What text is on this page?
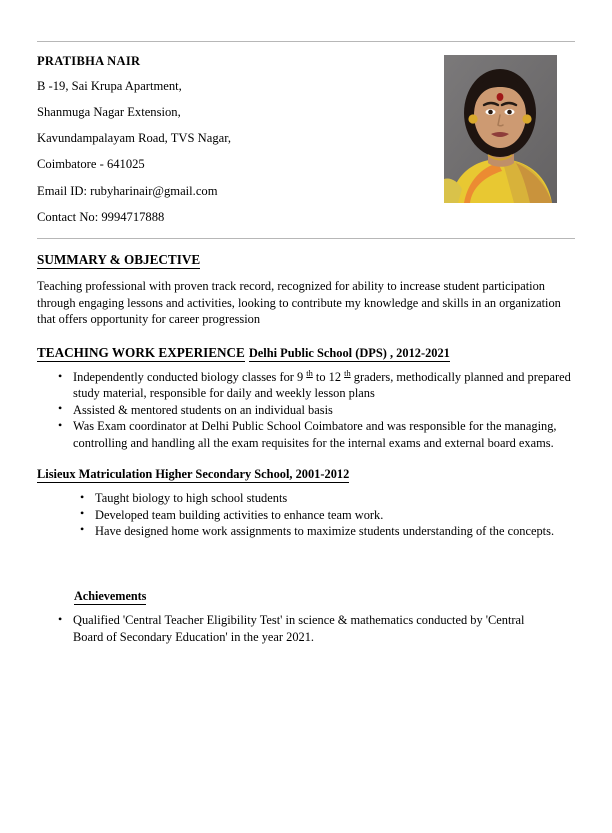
PRATIBHA NAIR
B -19, Sai Krupa Apartment,
Shanmuga Nagar Extension,
Kavundampalayam Road, TVS Nagar,
Coimbatore - 641025
Email ID: rubyharinair@gmail.com
Contact No: 9994717888
SUMMARY & OBJECTIVE

Teaching professional with proven track record, recognized for ability to increase student participation through engaging lessons and activities, looking to contribute my knowledge and skills in an organization that offers opportunity for career progression

TEACHING WORK EXPERIENCE Delhi Public School (DPS) , 2012-2021
• Independently conducted biology classes for 9 $^{th}$ to 12 $^{th}$ graders, methodically planned and prepared study material, responsible for daily and weekly lesson plans
• Assisted & mentored students on an individual basis
• Was Exam coordinator at Delhi Public School Coimbatore and was responsible for the managing, controlling and handling all the exam requisites for the internal exams and external board exams.
Lisieux Matriculation Higher Secondary School, 2001-2012
• Taught biology to high school students
• Developed team building activities to enhance team work.
• Have designed home work assignments to maximize students understanding of the concepts.
Achievements
• Qualified 'Central Teacher Eligibility Test' in science & mathematics conducted by 'Central Board of Secondary Education' in the year 2021.
